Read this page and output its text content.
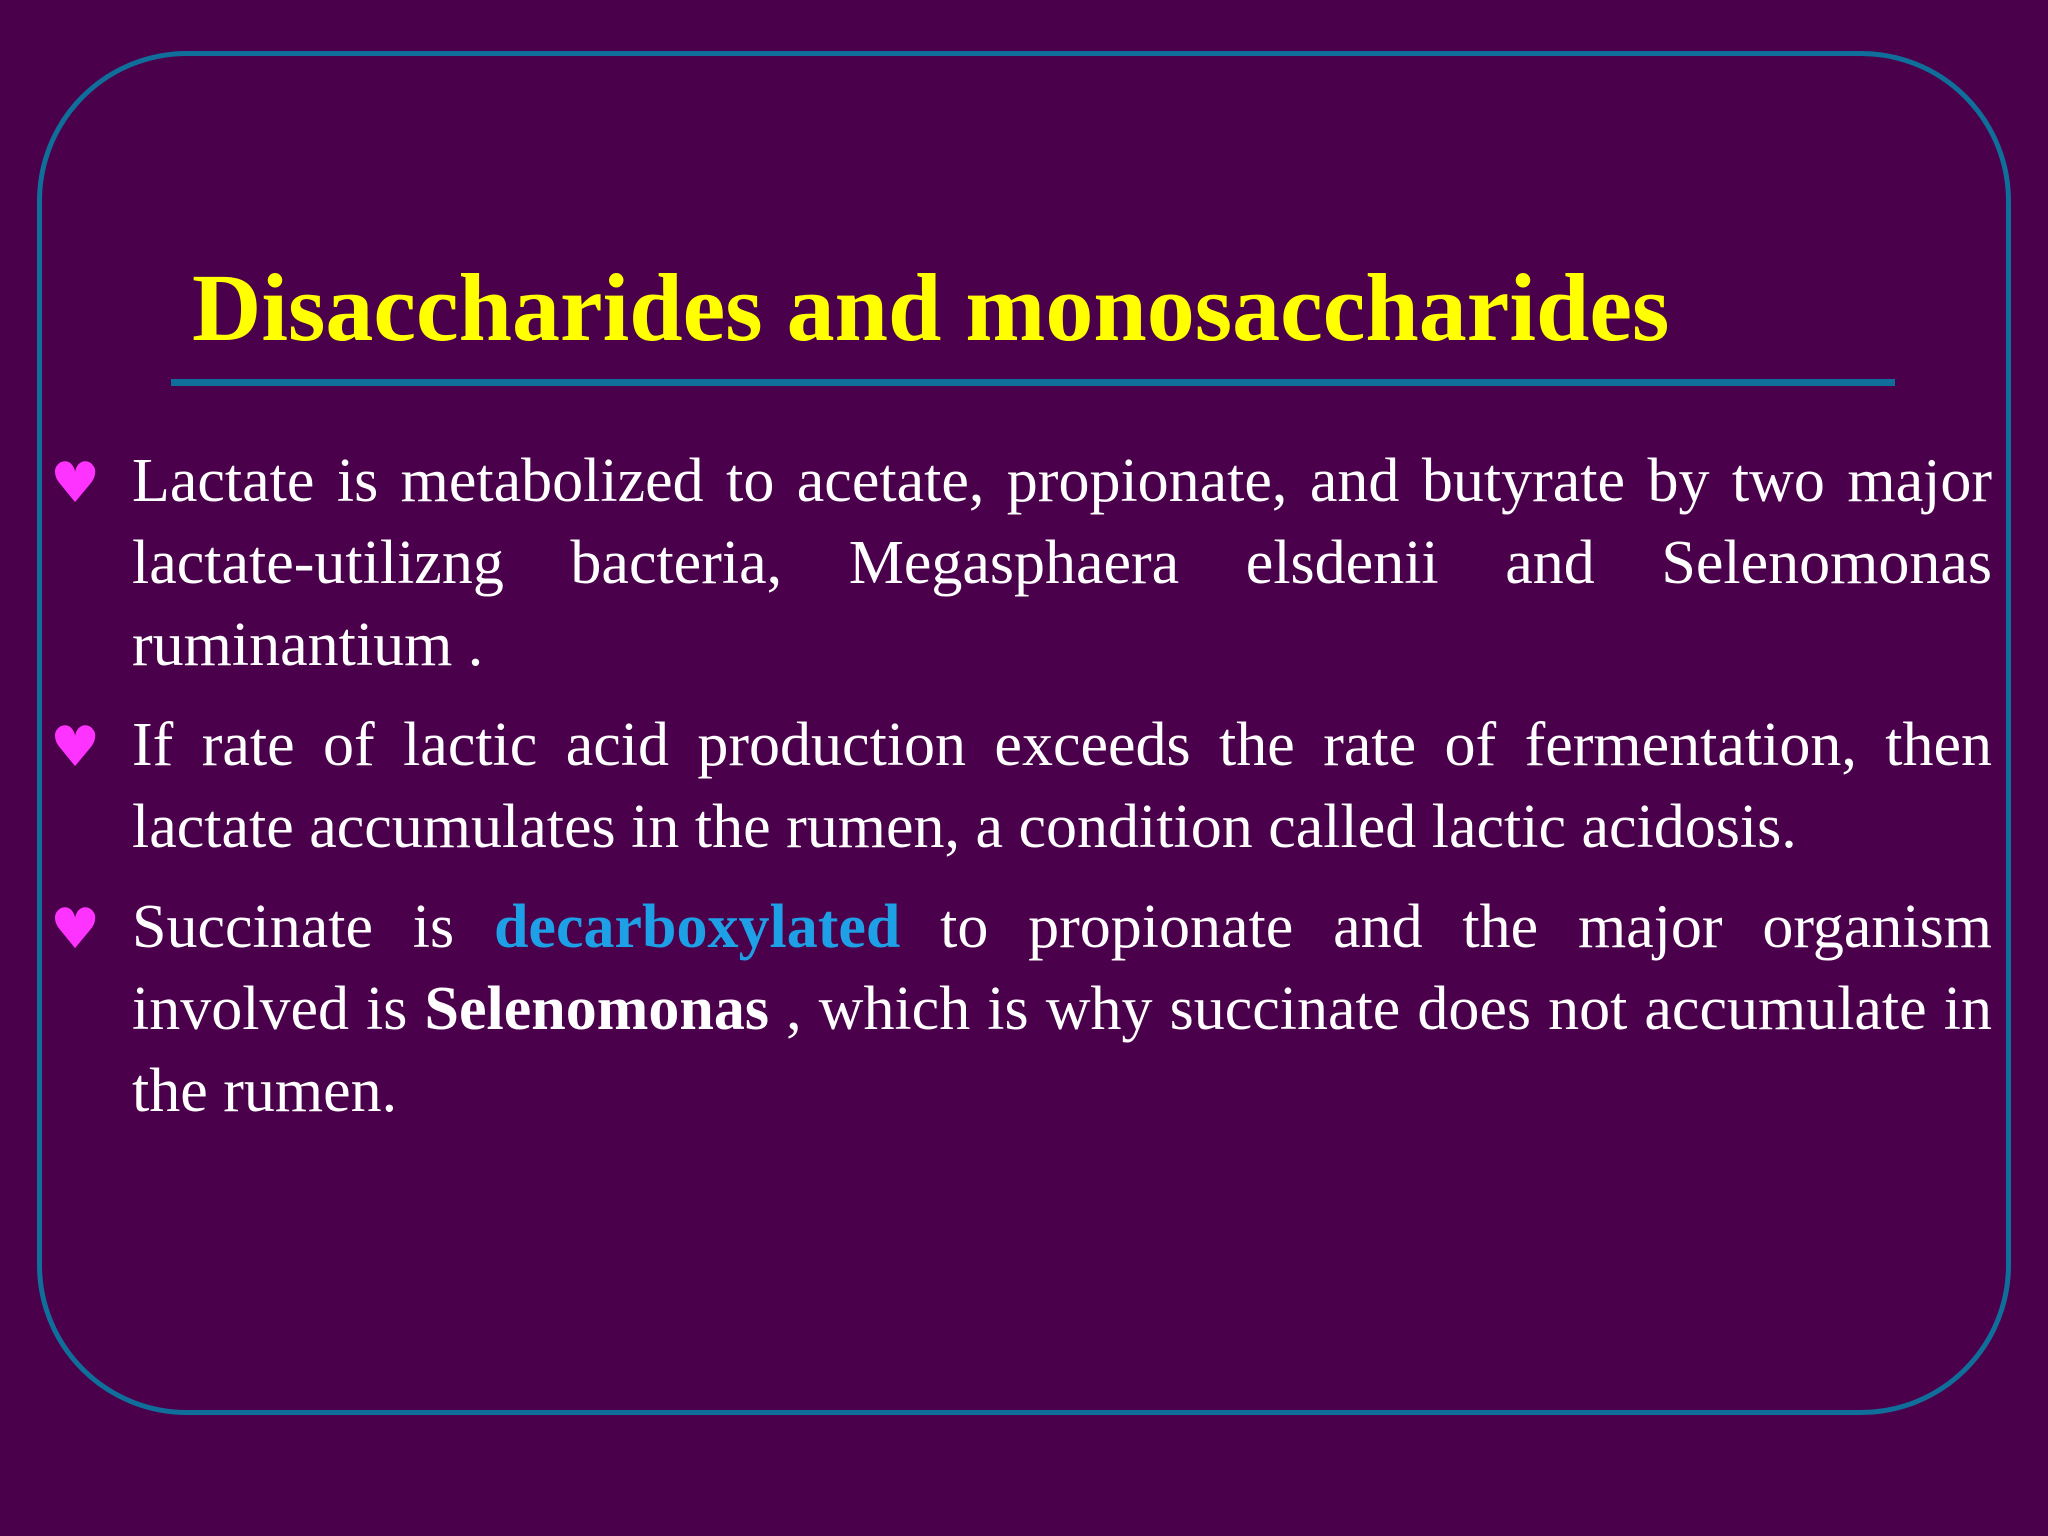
Disaccharides and monosaccharides
♥ Lactate is metabolized to acetate, propionate, and butyrate by two major lactate-utilizng bacteria, Megasphaera elsdenii and Selenomonas ruminantium .
♥ If rate of lactic acid production exceeds the rate of fermentation, then lactate accumulates in the rumen, a condition called lactic acidosis.
♥ Succinate is decarboxylated to propionate and the major organism involved is Selenomonas , which is why succinate does not accumulate in the rumen.
